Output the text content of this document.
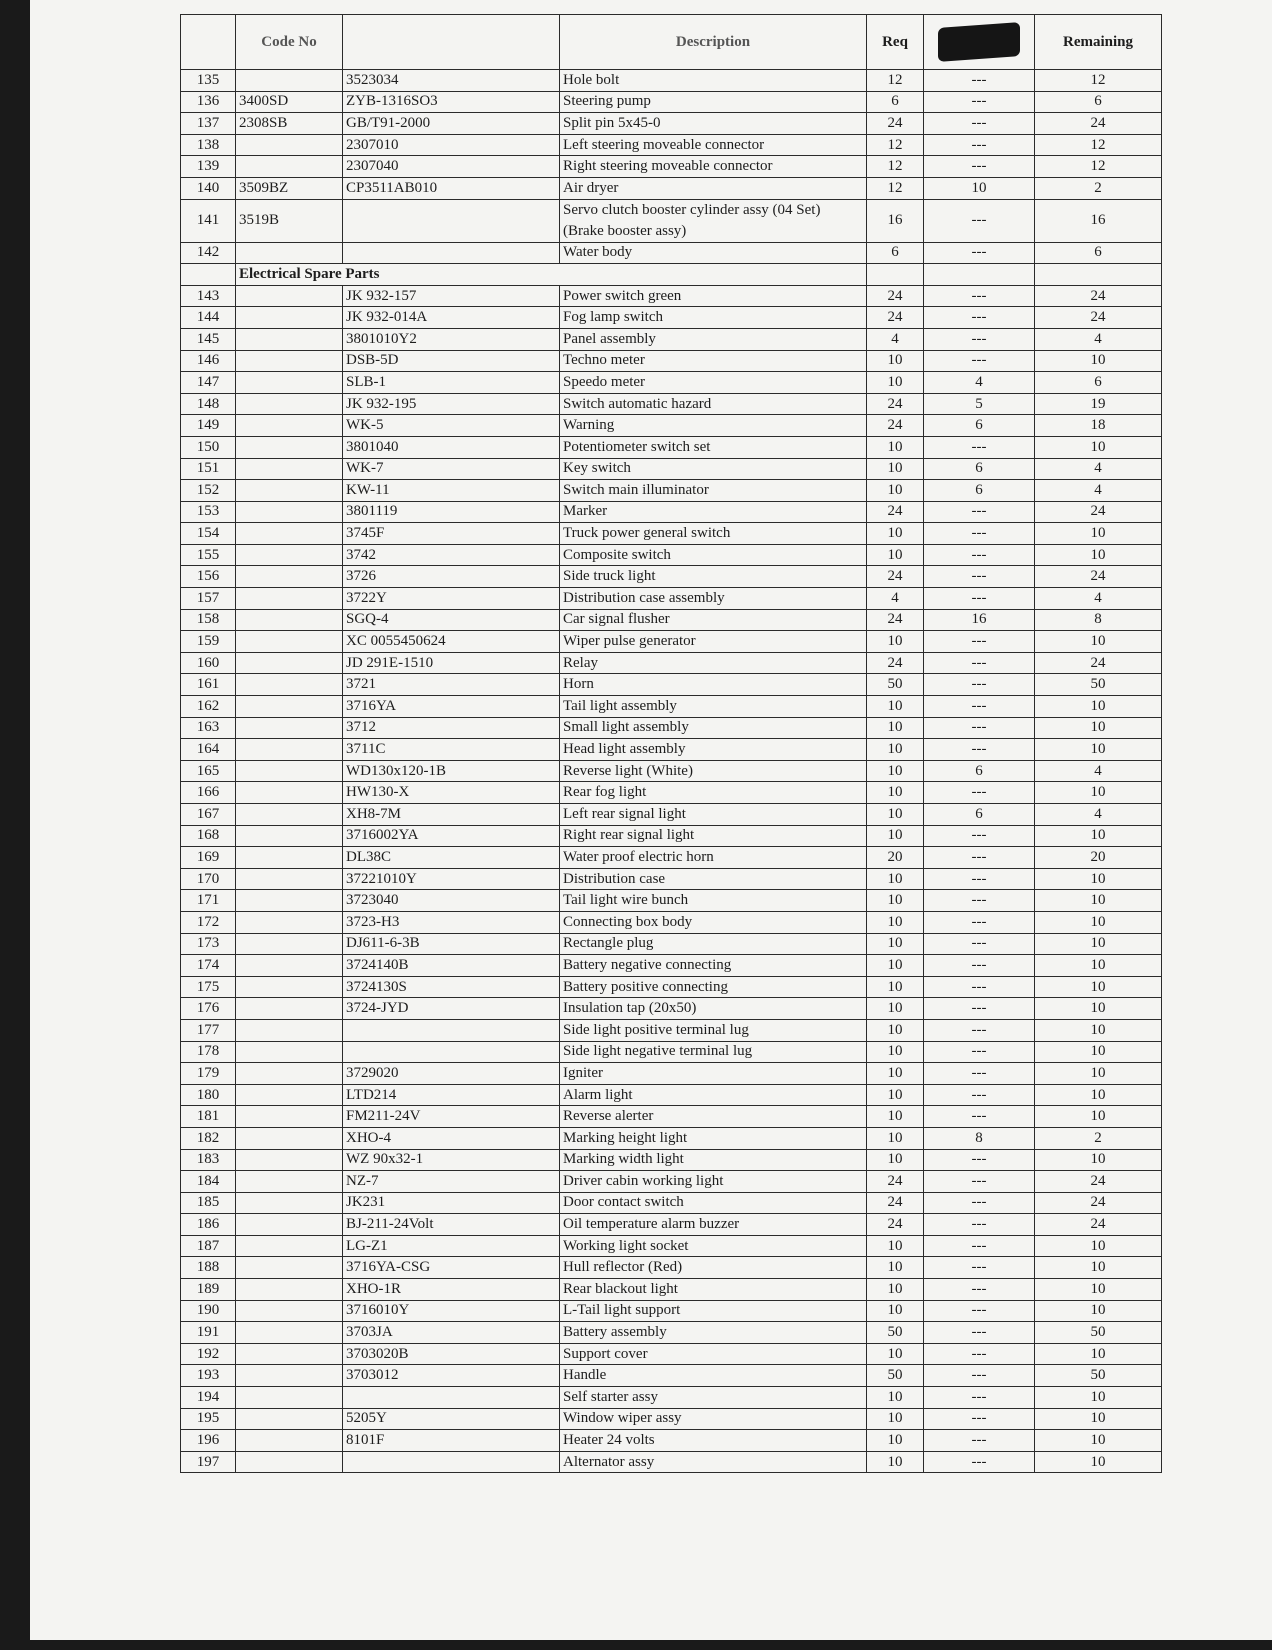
	Code No		Description	Req		Remaining
135		3523034	Hole bolt	12	---	12
136	3400SD	ZYB-1316SO3	Steering pump	6	---	6
137	2308SB	GB/T91-2000	Split pin 5x45-0	24	---	24
138		2307010	Left steering moveable connector	12	---	12
139		2307040	Right steering moveable connector	12	---	12
140	3509BZ	CP3511AB010	Air dryer	12	10	2
141	3519B		Servo clutch booster cylinder assy (04 Set) (Brake booster assy)	16	---	16
142			Water body	6	---	6
	Electrical Spare Parts					
143		JK 932-157	Power switch green	24	---	24
144		JK 932-014A	Fog lamp switch	24	---	24
145		3801010Y2	Panel assembly	4	---	4
146		DSB-5D	Techno meter	10	---	10
147		SLB-1	Speedo meter	10	4	6
148		JK 932-195	Switch automatic hazard	24	5	19
149		WK-5	Warning	24	6	18
150		3801040	Potentiometer switch set	10	---	10
151		WK-7	Key switch	10	6	4
152		KW-11	Switch main illuminator	10	6	4
153		3801119	Marker	24	---	24
154		3745F	Truck power general switch	10	---	10
155		3742	Composite switch	10	---	10
156		3726	Side truck light	24	---	24
157		3722Y	Distribution case assembly	4	---	4
158		SGQ-4	Car signal flusher	24	16	8
159		XC 0055450624	Wiper pulse generator	10	---	10
160		JD 291E-1510	Relay	24	---	24
161		3721	Horn	50	---	50
162		3716YA	Tail light assembly	10	---	10
163		3712	Small light assembly	10	---	10
164		3711C	Head light assembly	10	---	10
165		WD130x120-1B	Reverse light (White)	10	6	4
166		HW130-X	Rear fog light	10	---	10
167		XH8-7M	Left rear signal light	10	6	4
168		3716002YA	Right rear signal light	10	---	10
169		DL38C	Water proof electric horn	20	---	20
170		37221010Y	Distribution case	10	---	10
171		3723040	Tail light wire bunch	10	---	10
172		3723-H3	Connecting box body	10	---	10
173		DJ611-6-3B	Rectangle plug	10	---	10
174		3724140B	Battery negative connecting	10	---	10
175		3724130S	Battery positive connecting	10	---	10
176		3724-JYD	Insulation tap (20x50)	10	---	10
177			Side light positive terminal lug	10	---	10
178			Side light negative terminal lug	10	---	10
179		3729020	Igniter	10	---	10
180		LTD214	Alarm light	10	---	10
181		FM211-24V	Reverse alerter	10	---	10
182		XHO-4	Marking height light	10	8	2
183		WZ 90x32-1	Marking width light	10	---	10
184		NZ-7	Driver cabin working light	24	---	24
185		JK231	Door contact switch	24	---	24
186		BJ-211-24Volt	Oil temperature alarm buzzer	24	---	24
187		LG-Z1	Working light socket	10	---	10
188		3716YA-CSG	Hull reflector (Red)	10	---	10
189		XHO-1R	Rear blackout light	10	---	10
190		3716010Y	L-Tail light support	10	---	10
191		3703JA	Battery assembly	50	---	50
192		3703020B	Support cover	10	---	10
193		3703012	Handle	50	---	50
194			Self starter assy	10	---	10
195		5205Y	Window wiper assy	10	---	10
196		8101F	Heater 24 volts	10	---	10
197			Alternator assy	10	---	10
